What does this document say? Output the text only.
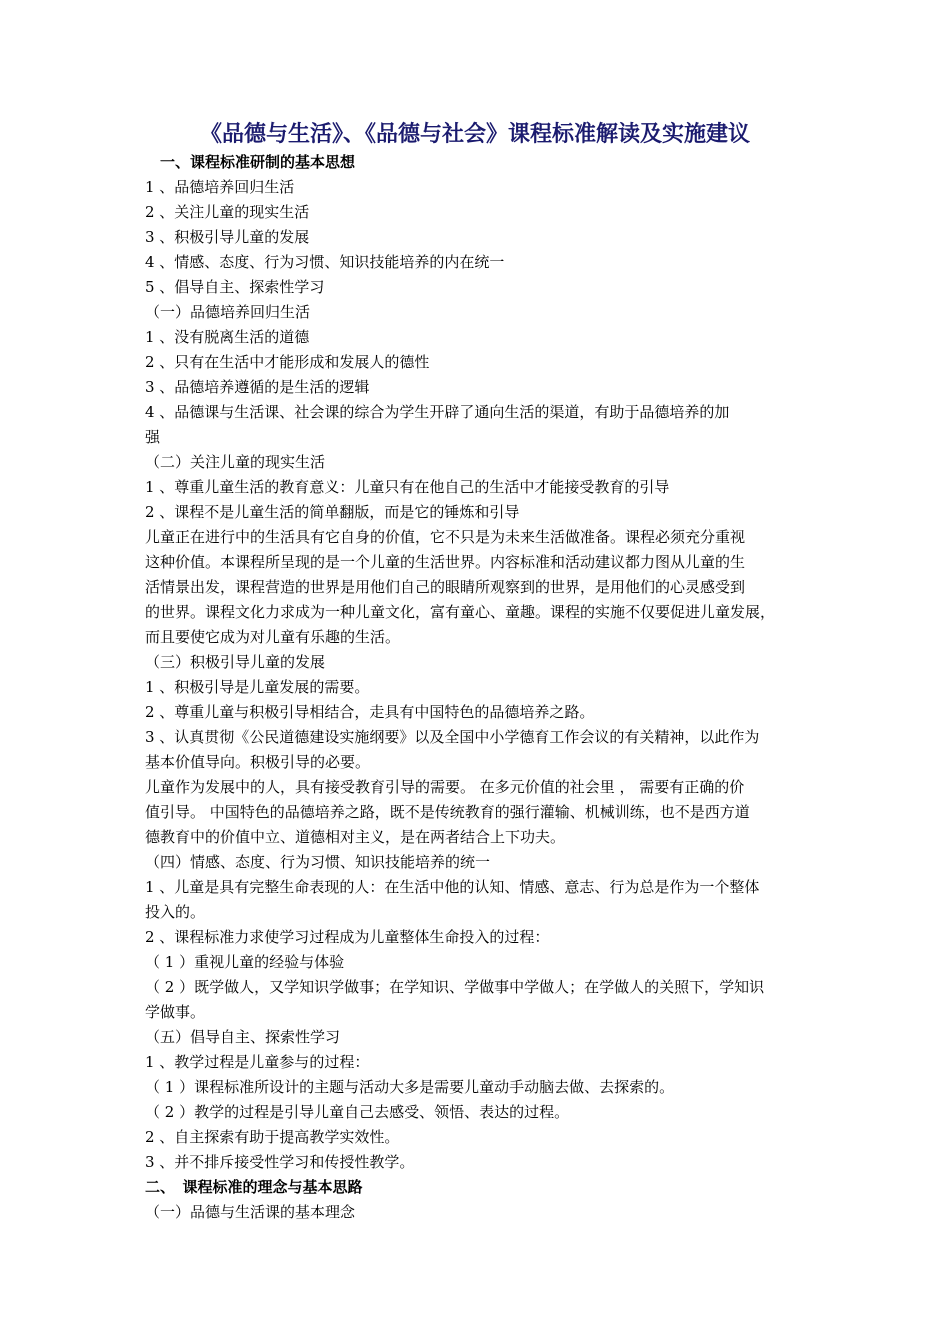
《品德与生活》、《品德与社会》课程标准解读及实施建议
一、课程标准研制的基本思想
1 、品德培养回归生活
2 、关注儿童的现实生活
3 、积极引导儿童的发展
4 、情感、态度、行为习惯、知识技能培养的内在统一
5 、倡导自主、探索性学习
（一）品德培养回归生活
1 、没有脱离生活的道德
2 、只有在生活中才能形成和发展人的德性
3 、品德培养遵循的是生活的逻辑
4 、品德课与生活课、社会课的综合为学生开辟了通向生活的渠道，有助于品德培养的加
强
（二）关注儿童的现实生活
1 、尊重儿童生活的教育意义：儿童只有在他自己的生活中才能接受教育的引导
2 、课程不是儿童生活的简单翻版，而是它的锤炼和引导
儿童正在进行中的生活具有它自身的价值，它不只是为未来生活做准备。课程必须充分重视
这种价值。本课程所呈现的是一个儿童的生活世界。内容标准和活动建议都力图从儿童的生
活情景出发，课程营造的世界是用他们自己的眼睛所观察到的世界，是用他们的心灵感受到
的世界。课程文化力求成为一种儿童文化，富有童心、童趣。课程的实施不仅要促进儿童发展，
而且要使它成为对儿童有乐趣的生活。
（三）积极引导儿童的发展
1 、积极引导是儿童发展的需要。
2 、尊重儿童与积极引导相结合，走具有中国特色的品德培养之路。
3 、认真贯彻《公民道德建设实施纲要》以及全国中小学德育工作会议的有关精神，以此作为
基本价值导向。积极引导的必要。
儿童作为发展中的人，具有接受教育引导的需要。 在多元价值的社会里 ， 需要有正确的价
值引导。 中国特色的品德培养之路，既不是传统教育的强行灌输、机械训练，也不是西方道
德教育中的价值中立、道德相对主义，是在两者结合上下功夫。
（四）情感、态度、行为习惯、知识技能培养的统一
1 、儿童是具有完整生命表现的人：在生活中他的认知、情感、意志、行为总是作为一个整体
投入的。
2 、课程标准力求使学习过程成为儿童整体生命投入的过程：
（ 1 ）重视儿童的经验与体验
（ 2 ）既学做人，又学知识学做事；在学知识、学做事中学做人；在学做人的关照下，学知识
学做事。
（五）倡导自主、探索性学习
1 、教学过程是儿童参与的过程：
（ 1 ）课程标准所设计的主题与活动大多是需要儿童动手动脑去做、去探索的。
（ 2 ）教学的过程是引导儿童自己去感受、领悟、表达的过程。
2 、自主探索有助于提高教学实效性。
3 、并不排斥接受性学习和传授性教学。
二、　课程标准的理念与基本思路
（一）品德与生活课的基本理念
